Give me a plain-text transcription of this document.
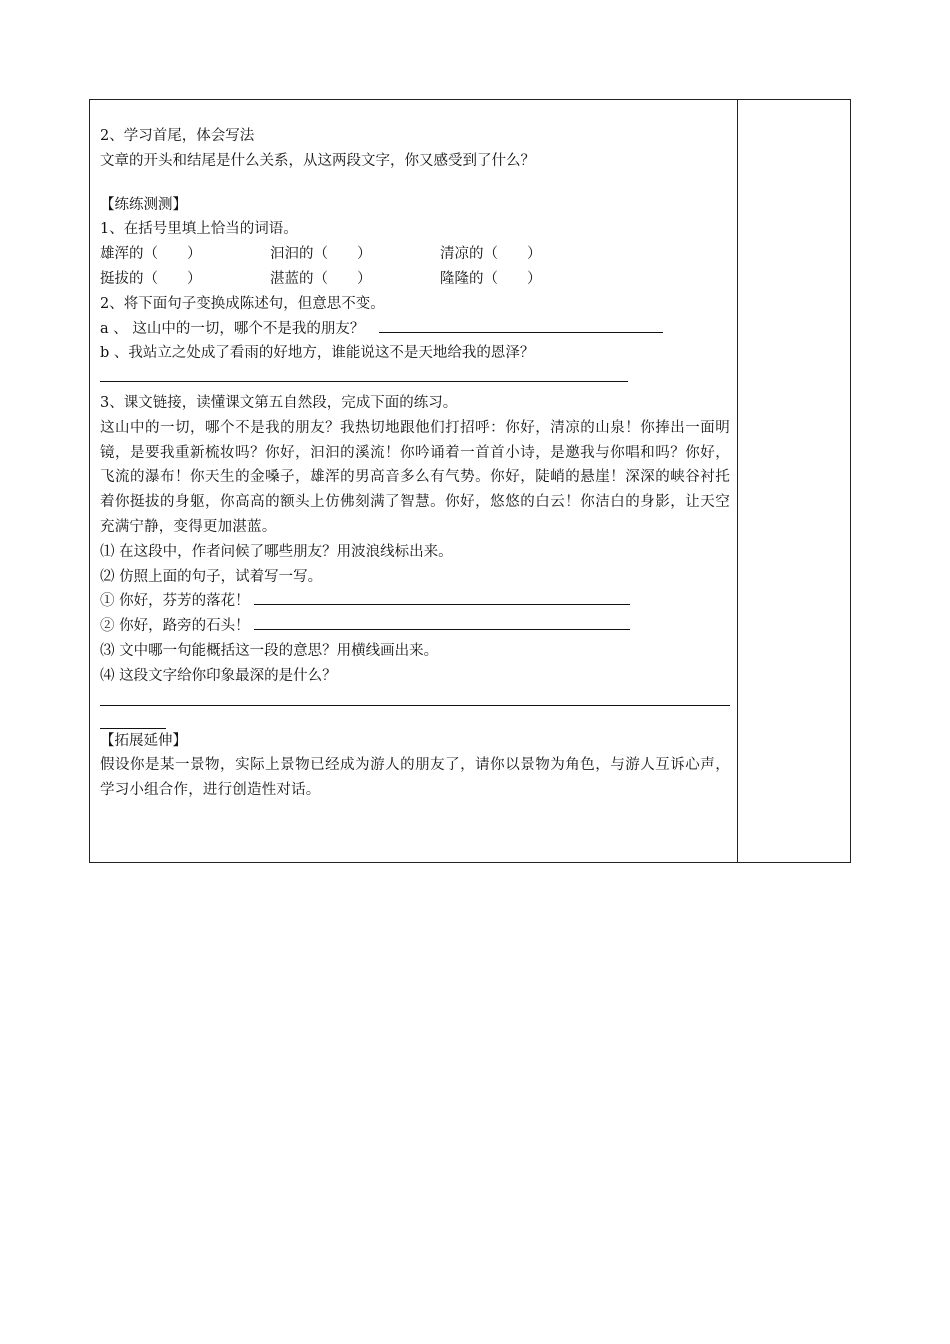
2、学习首尾，体会写法
文章的开头和结尾是什么关系，从这两段文字，你又感受到了什么？
【练练测测】
1、在括号里填上恰当的词语。
雄浑的（　　）	汩汩的（　　）	清凉的（　　）
挺拔的（　　）	湛蓝的（　　）	隆隆的（　　）
2、将下面句子变换成陈述句，但意思不变。
a 、 这山中的一切，哪个不是我的朋友？
b 、我站立之处成了看雨的好地方，谁能说这不是天地给我的恩泽？
3、课文链接，读懂课文第五自然段，完成下面的练习。
这山中的一切，哪个不是我的朋友？我热切地跟他们打招呼：你好，清凉的山泉！你捧出一面明镜，是要我重新梳妆吗？你好，汩汩的溪流！你吟诵着一首首小诗，是邀我与你唱和吗？你好，飞流的瀑布！你天生的金嗓子，雄浑的男高音多么有气势。你好，陡峭的悬崖！深深的峡谷衬托着你挺拔的身躯，你高高的额头上仿佛刻满了智慧。你好，悠悠的白云！你洁白的身影，让天空充满宁静，变得更加湛蓝。
⑴ 在这段中，作者问候了哪些朋友？用波浪线标出来。
⑵ 仿照上面的句子，试着写一写。
① 你好，芬芳的落花！
② 你好，路旁的石头！
⑶ 文中哪一句能概括这一段的意思？用横线画出来。
⑷ 这段文字给你印象最深的是什么？
【拓展延伸】
假设你是某一景物，实际上景物已经成为游人的朋友了，请你以景物为角色，与游人互诉心声，学习小组合作，进行创造性对话。
